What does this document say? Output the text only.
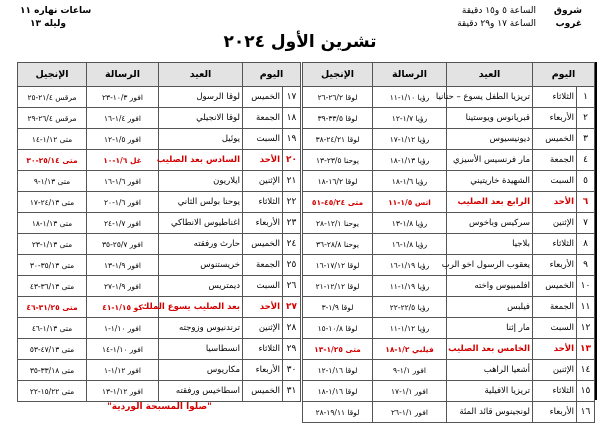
شروق
الساعة ٥ و١٥ دقيقة
غروب
الساعة ١٧ و٢٩ دقيقة
تشرين الأول ٢٠٢٤
ساعات نهاره ١١
وليله ١٣
اليوم		العيد	الرسالة	الإنجيل
١	الثلاثاء	تريزيا الطفل يسوع – حنانيا	رؤيا ١/١٠-١١	لوقا ٢٦/٢-٢٦
٢	الأربعاء	قبريانوس ويوستينا	رؤيا ١/٧-١٢	لوقا ٣٣/٥-٣٩
٣	الخميس	ديونيسيوس	رؤيا ١/١٢-١٧	لوقا ٢٤/٢١-٣٨
٤	الجمعة	مار فرنسيس الأسيزي	رؤيا ١/١٣-١٨	يوحنا ٢٣/٥-١٣
٥	السبت	الشهيدة خاريتيني	رؤيا ١/٦-١٨	لوقا ١٦/٢-١٨
٦	الأحد	الرابع بعد الصليب	اتس ١/٥-١١	متى ٤٥/٢٤-٥١
٧	الإثنين	سركيس وباخوس	رؤيا ١/٨-١٣	يوحنا ١٢/١-٢٨
٨	الثلاثاء	بلاجيا	رؤيا ١/٨-١٦	يوحنا ٢٨/٨-٣٦
٩	الأربعاء	يعقوب الرسول اخو الرب	رؤيا ١/١٩-١٦	لوقا ١٧/١٢-١٦
١٠	الخميس	افلمبيوس واخته	رؤيا ١/١٩-١١	لوقا ١٢/١٢-٢١
١١	الجمعة	فيلبس	رؤيا ٢٢/٥-٢٢	لوقا ١/٩-٣
١٢	السبت	مار إثنا	رؤيا ١/١٢-١١	لوقا ١٠/٨-١٥
١٣	الأحد	الخامس بعد الصليب	فيلبي ١/٢-١٨	متى ١/٢٥-١٣
١٤	الإثنين	أشعيا الراهب	افور ١/١-٩	لوقا ١/١٦-١٢
١٥	الثلاثاء	تريزيا الافيلية	افور ١/١-١٧	لوقا ١/١٦-١٨
١٦	الأربعاء	لونجينوس قائد المئة	افور ١/١-٢٦	لوقا ١٩/١١-٢٨
اليوم		العيد	الرسالة	الإنجيل
١٧	الخميس	لوقا الرسول	افور ١٠/٣-٢٣	مرقس ٢١/٤-٢٥
١٨	الجمعة	لوقا الانجيلي	افور ١/٤-١٦	مرقس ٢٦/٤-٢٩
١٩	السبت	يوئيل	افور ١/٥-١٢	متى ١/١٢-١٤
٢٠	الأحد	السادس بعد الصليب	غل ١/٦-١٠	متى ٢٥/١٤-٣٠
٢١	الإثنين	ايلاريون	افور ١/٦-١٦	متى ١/١٣-٩
٢٢	الثلاثاء	يوحنا بولس الثاني	افور ١/٦-٢٠	متى ٢٤/١٣-١٧
٢٣	الأربعاء	اغناطيوس الانطاكي	افور ١/٧-٢٤	متى ١/١٣-١٨
٢٤	الخميس	حارث ورفقته	افور ٢٥/٧-٣٥	متى ١/١٣-٢٣
٢٥	الجمعة	خريستنوس	افور ١/٩-١٣	متى ٣٥/١٣-٣٠
٢٦	السبت	ديمتريس	افور ١/٩-٢٧	متى ٣٦/١٣-٤٣
٢٧	الأحد	بعد الصليب يسوع الملك	كو ١/١٥-٤١	متى ٣١/٢٥-٤٦
٢٨	الإثنين	ترندنيوس وزوجته	افور ١/١٠-١	متى ١/١٣-٤٦
٢٩	الثلاثاء	انسطاسيا	افور ١/١٠-١٤	متى ٤٧/١٣-٥٣
٣٠	الأربعاء	مكاريوس	افور ١/١٢-١	متى ٣٣/١٨-٣٥
٣١	الخميس	اسطاخيس ورفقته	افور ١/١٢-١٣	متى ١٥/٢٢-٢٢
"صلوا المسبحة الوردية"
